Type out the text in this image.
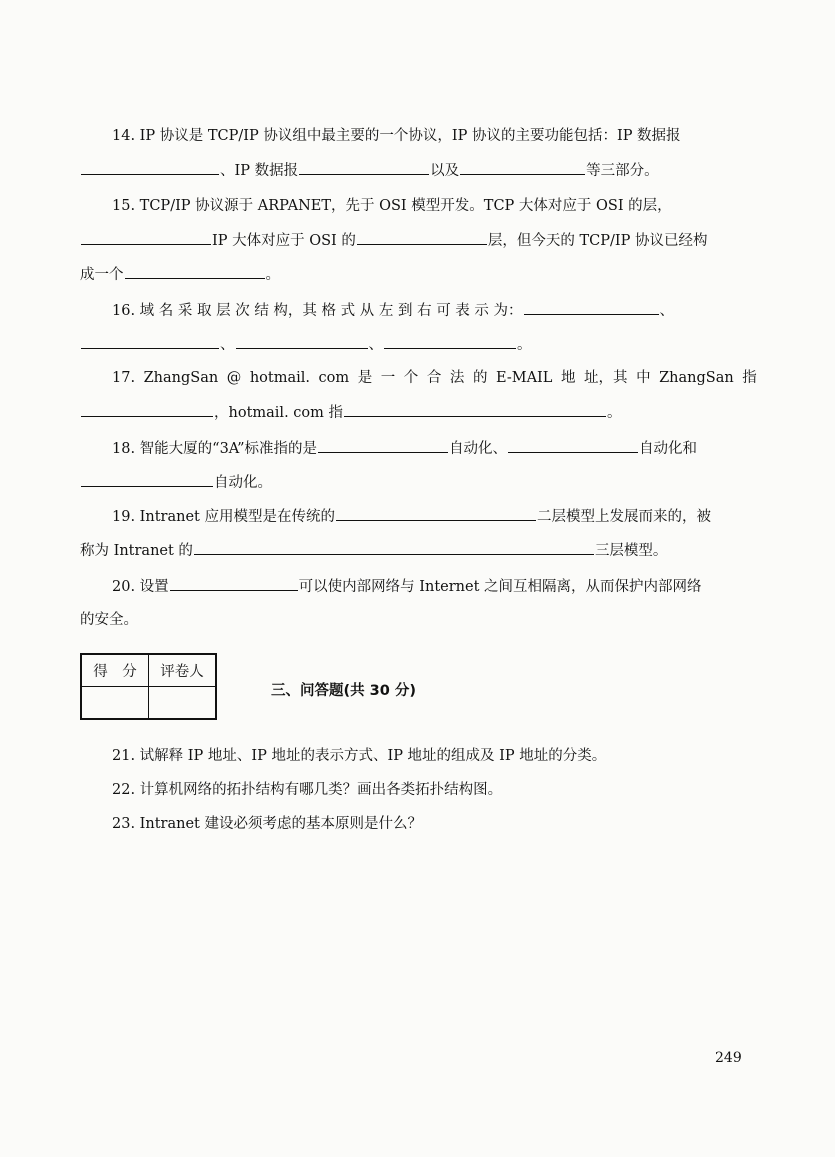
14. IP 协议是 TCP/IP 协议组中最主要的一个协议，IP 协议的主要功能包括：IP 数据报
、IP 数据报	以及	等三部分。
15. TCP/IP 协议源于 ARPANET，先于 OSI 模型开发。TCP 大体对应于 OSI 的层，
IP 大体对应于 OSI 的	层，但今天的 TCP/IP 协议已经构
成一个	。
16. 域 名 采 取 层 次 结 构，其 格 式 从 左 到 右 可 表 示 为：	、
、	、	。
17. ZhangSan @ hotmail. com 是 一 个 合 法 的 E-MAIL 地 址，其 中 ZhangSan 指
，hotmail. com 指	。
18. 智能大厦的“3A”标准指的是	自动化、	自动化和
自动化。
19. Intranet 应用模型是在传统的	二层模型上发展而来的，被
称为 Intranet 的	三层模型。
20. 设置	可以使内部网络与 Internet 之间互相隔离，从而保护内部网络
的安全。
得　分	评卷人

三、问答题(共 30 分)
21. 试解释 IP 地址、IP 地址的表示方式、IP 地址的组成及 IP 地址的分类。
22. 计算机网络的拓扑结构有哪几类？画出各类拓扑结构图。
23. Intranet 建设必须考虑的基本原则是什么？
249
